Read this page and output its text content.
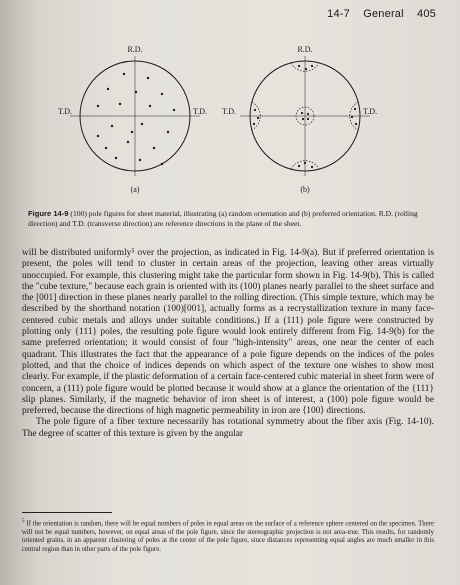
14-7 General 405
R.D.
T.D.	T.D.
(a)
R.D.
T.D.	T.D.
(b)
Figure 14-9 (100) pole figures for sheet material, illustrating (a) random orientation and (b) preferred orientation. R.D. (rolling direction) and T.D. (transverse direction) are reference directions in the plane of the sheet.

will be distributed uniformly⁵ over the projection, as indicated in Fig. 14-9(a). But if preferred orientation is present, the poles will tend to cluster in certain areas of the projection, leaving other areas virtually unoccupied. For example, this clustering might take the particular form shown in Fig. 14-9(b). This is called the "cube texture," because each grain is oriented with its (100) planes nearly parallel to the sheet surface and the [001] direction in these planes nearly parallel to the rolling direction. (This simple texture, which may be described by the shorthand notation (100)[001], actually forms as a recrystallization texture in many face-centered cubic metals and alloys under suitable conditions.) If a (111) pole figure were constructed by plotting only {111} poles, the resulting pole figure would look entirely different from Fig. 14-9(b) for the same preferred orientation; it would consist of four "high-intensity" areas, one near the center of each quadrant. This illustrates the fact that the appearance of a pole figure depends on the indices of the poles plotted, and that the choice of indices depends on which aspect of the texture one wishes to show most clearly. For example, if the plastic deformation of a certain face-centered cubic material in sheet form were of concern, a (111) pole figure would be plotted because it would show at a glance the orientation of the {111} slip planes. Similarly, if the magnetic behavior of iron sheet is of interest, a (100) pole figure would be preferred, because the directions of high magnetic permeability in iron are ⟨100⟩ directions.

The pole figure of a fiber texture necessarily has rotational symmetry about the fiber axis (Fig. 14-10). The degree of scatter of this texture is given by the angular

$^5$ If the orientation is random, there will be equal numbers of poles in equal areas on the surface of a reference sphere centered on the specimen. There will not be equal numbers, however, on equal areas of the pole figure, since the stereographic projection is not area-true. This results, for randomly oriented grains, in an apparent clustering of poles at the center of the pole figure, since distances representing equal angles are much smaller in this central region than in other parts of the pole figure.
